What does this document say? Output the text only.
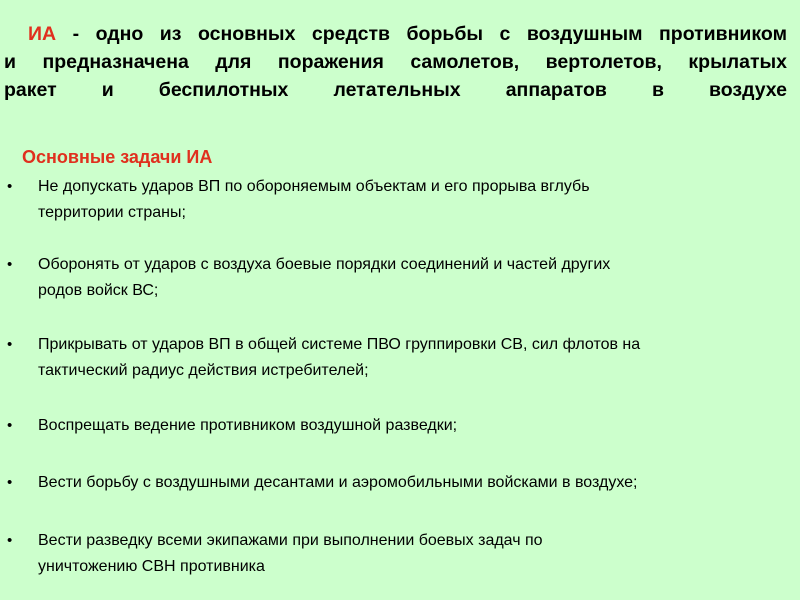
ИА - одно из основных средств борьбы с воздушным противником
и предназначена для поражения самолетов, вертолетов, крылатых
ракет и беспилотных летательных аппаратов в воздухе

Основные задачи ИА
• Не допускать ударов ВП по обороняемым объектам и его прорыва вглубь
территории страны;
• Оборонять от ударов с воздуха боевые порядки соединений и частей других
родов войск ВС;
• Прикрывать от ударов ВП в общей системе ПВО группировки СВ, сил флотов на
тактический радиус действия истребителей;
• Воспрещать ведение противником воздушной разведки;
• Вести борьбу с воздушными десантами и аэромобильными войсками в воздухе;
• Вести разведку всеми экипажами при выполнении боевых задач по
уничтожению СВН противника
